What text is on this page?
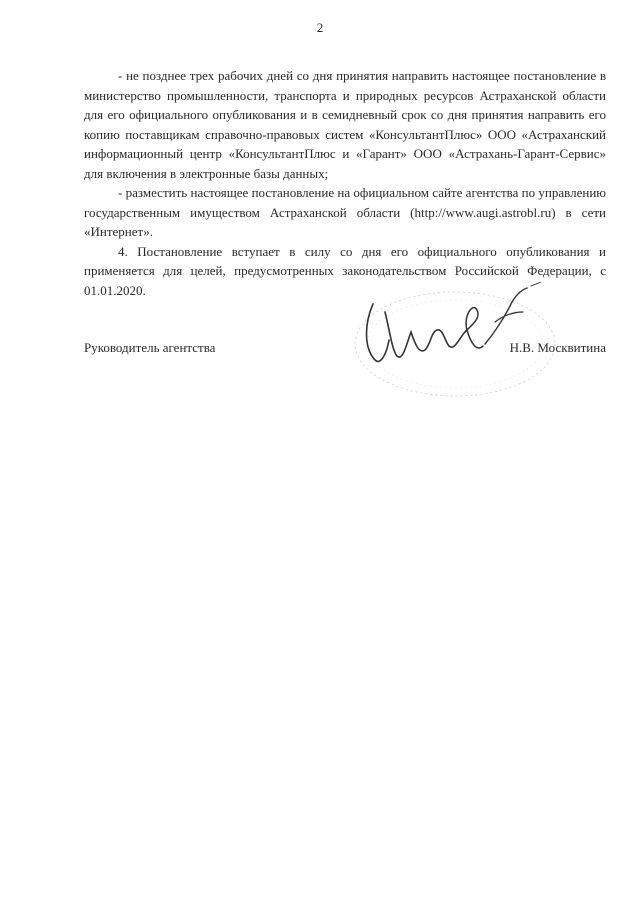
2

- не позднее трех рабочих дней со дня принятия направить настоящее постановление в министерство промышленности, транспорта и природных ресурсов Астраханской области для его официального опубликования и в семидневный срок со дня принятия направить его копию поставщикам справочно-правовых систем «КонсультантПлюс» ООО «Астраханский информационный центр «КонсультантПлюс и «Гарант» ООО «Астрахань-Гарант-Сервис» для включения в электронные базы данных;

- разместить настоящее постановление на официальном сайте агентства по управлению государственным имуществом Астраханской области (http://www.augi.astrobl.ru) в сети «Интернет».

4. Постановление вступает в силу со дня его официального опубликования и применяется для целей, предусмотренных законодательством Российской Федерации, с 01.01.2020.

Руководитель агентства	Н.В. Москвитина
